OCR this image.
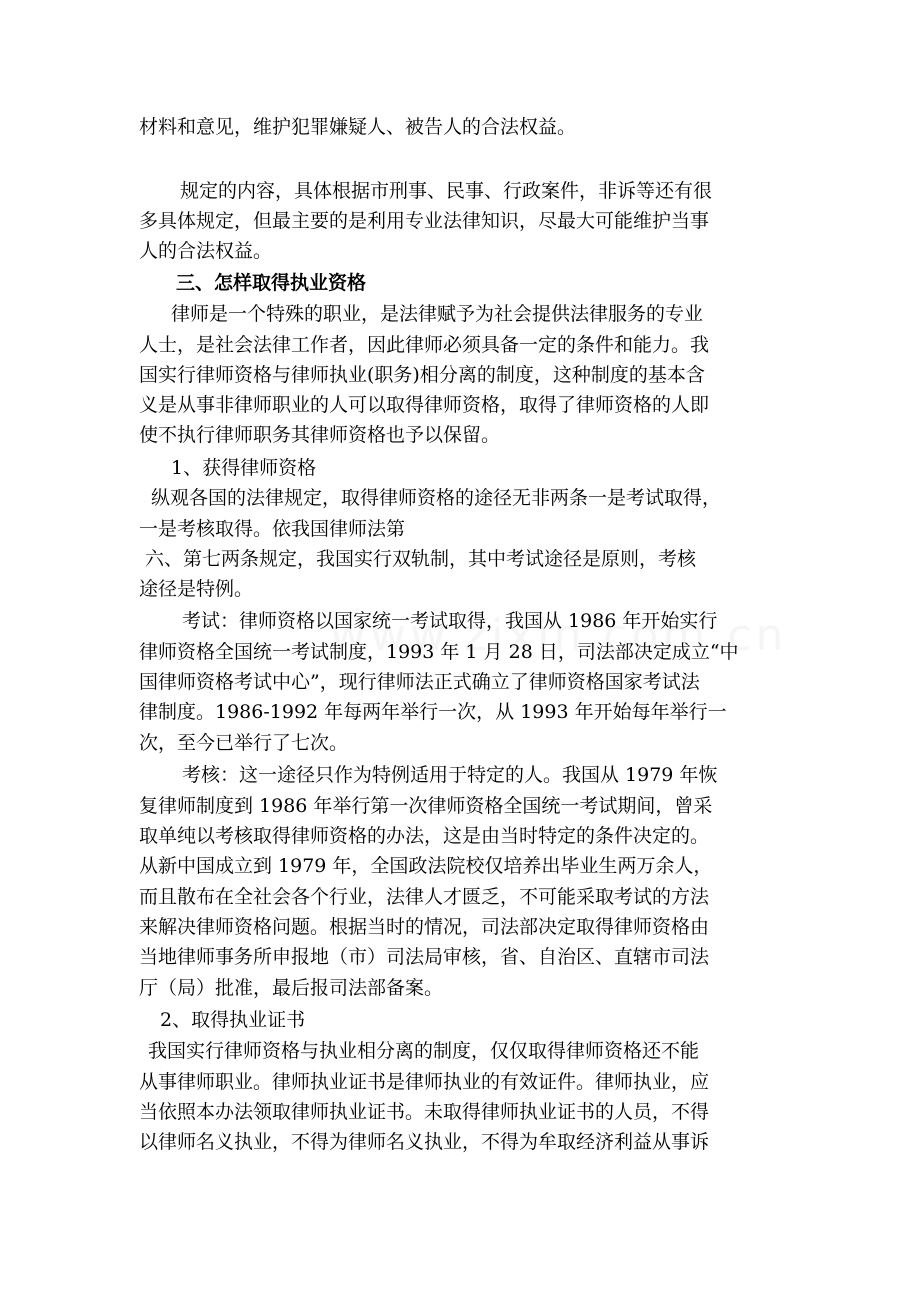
材料和意见，维护犯罪嫌疑人、被告人的合法权益。

规定的内容，具体根据市刑事、民事、行政案件，非诉等还有很

多具体规定，但最主要的是利用专业法律知识，尽最大可能维护当事

人的合法权益。

三、怎样取得执业资格

律师是一个特殊的职业，是法律赋予为社会提供法律服务的专业

人士，是社会法律工作者，因此律师必须具备一定的条件和能力。我

国实行律师资格与律师执业(职务)相分离的制度，这种制度的基本含

义是从事非律师职业的人可以取得律师资格，取得了律师资格的人即

使不执行律师职务其律师资格也予以保留。

1、获得律师资格

纵观各国的法律规定，取得律师资格的途径无非两条一是考试取得，

一是考核取得。依我国律师法第

六、第七两条规定，我国实行双轨制，其中考试途径是原则，考核

途径是特例。

考试：律师资格以国家统一考试取得，我国从 1986 年开始实行

律师资格全国统一考试制度，1993 年 1 月 28 日，司法部决定成立“中

国律师资格考试中心”，现行律师法正式确立了律师资格国家考试法

律制度。1986-1992 年每两年举行一次，从 1993 年开始每年举行一

次，至今已举行了七次。

考核：这一途径只作为特例适用于特定的人。我国从 1979 年恢

复律师制度到 1986 年举行第一次律师资格全国统一考试期间，曾采

取单纯以考核取得律师资格的办法，这是由当时特定的条件决定的。

从新中国成立到 1979 年，全国政法院校仅培养出毕业生两万余人，

而且散布在全社会各个行业，法律人才匮乏，不可能采取考试的方法

来解决律师资格问题。根据当时的情况，司法部决定取得律师资格由

当地律师事务所申报地（市）司法局审核，省、自治区、直辖市司法

厅（局）批准，最后报司法部备案。

2、取得执业证书

我国实行律师资格与执业相分离的制度，仅仅取得律师资格还不能

从事律师职业。律师执业证书是律师执业的有效证件。律师执业，应

当依照本办法领取律师执业证书。未取得律师执业证书的人员，不得

以律师名义执业，不得为律师名义执业，不得为牟取经济利益从事诉
